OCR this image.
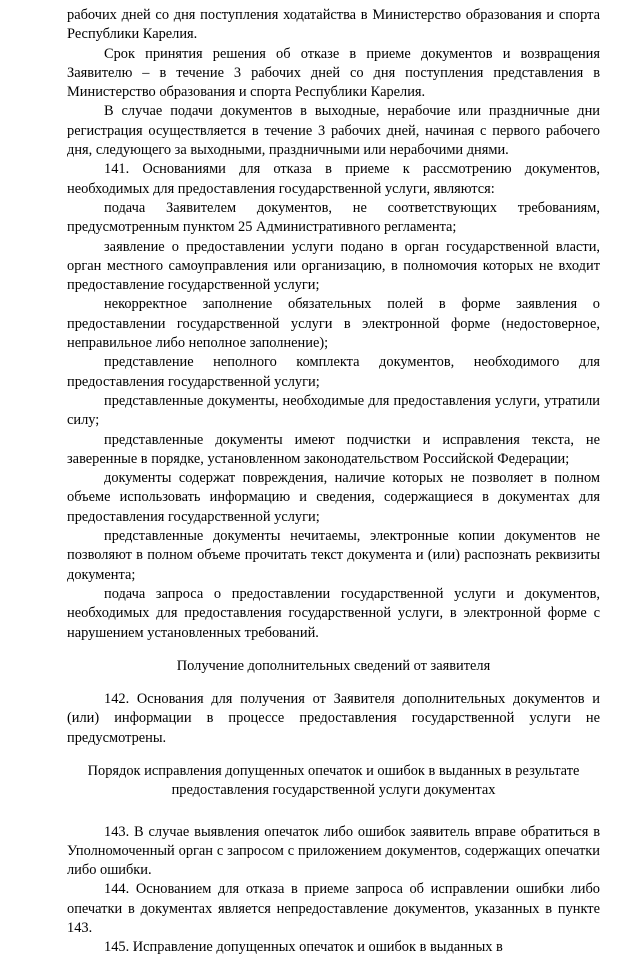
рабочих дней со дня поступления ходатайства в Министерство образования и спорта Республики Карелия.

Срок принятия решения об отказе в приеме документов и возвращения Заявителю – в течение 3 рабочих дней со дня поступления представления в Министерство образования и спорта Республики Карелия.

В случае подачи документов в выходные, нерабочие или праздничные дни регистрация осуществляется в течение 3 рабочих дней, начиная с первого рабочего дня, следующего за выходными, праздничными или нерабочими днями.

141. Основаниями для отказа в приеме к рассмотрению документов, необходимых для предоставления государственной услуги, являются:

подача Заявителем документов, не соответствующих требованиям, предусмотренным пунктом 25 Административного регламента;

заявление о предоставлении услуги подано в орган государственной власти, орган местного самоуправления или организацию, в полномочия которых не входит предоставление государственной услуги;

некорректное заполнение обязательных полей в форме заявления о предоставлении государственной услуги в электронной форме (недостоверное, неправильное либо неполное заполнение);

представление неполного комплекта документов, необходимого для предоставления государственной услуги;

представленные документы, необходимые для предоставления услуги, утратили силу;

представленные документы имеют подчистки и исправления текста, не заверенные в порядке, установленном законодательством Российской Федерации;

документы содержат повреждения, наличие которых не позволяет в полном объеме использовать информацию и сведения, содержащиеся в документах для предоставления государственной услуги;

представленные документы нечитаемы, электронные копии документов не позволяют в полном объеме прочитать текст документа и (или) распознать реквизиты документа;

подача запроса о предоставлении государственной услуги и документов, необходимых для предоставления государственной услуги, в электронной форме с нарушением установленных требований.

Получение дополнительных сведений от заявителя

142. Основания для получения от Заявителя дополнительных документов и (или) информации в процессе предоставления государственной услуги не предусмотрены.

Порядок исправления допущенных опечаток и ошибок в выданных в результате предоставления государственной услуги документах

143. В случае выявления опечаток либо ошибок заявитель вправе обратиться в Уполномоченный орган с запросом с приложением документов, содержащих опечатки либо ошибки.

144. Основанием для отказа в приеме запроса об исправлении ошибки либо опечатки в документах является непредоставление документов, указанных в пункте 143.

145. Исправление допущенных опечаток и ошибок в выданных в
